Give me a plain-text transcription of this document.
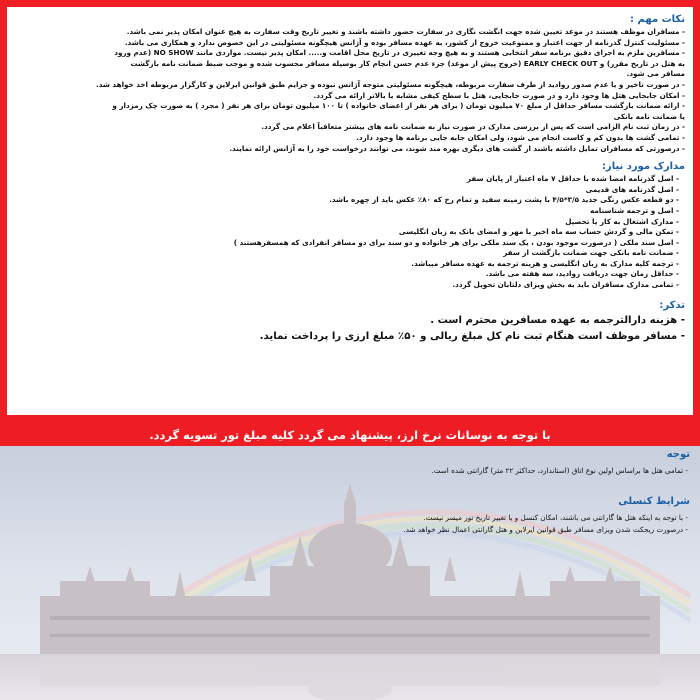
نکات مهم :
- مسافران موظف هستند در موعد تعیین شده جهت انگشت نگاری در سفارت حضور داشته باشند و تغییر تاریخ وقت سفارت به هیچ عنوان امکان پذیر نمی باشد.
- مسئولیت کنترل گذرنامه از جهت اعتبار و ممنوعیت خروج از کشور، به عهده مسافر بوده و آژانس هیچگونه مسئولیتی در این خصوص ندارد و همکاری می باشد.
- مسافرین ملزم به اجرای دقیق برنامه سفر انتخابی هستند و به هیچ وجه تغییری در تاریخ محل اقامت و..... امکان پذیر نیست. مواردی مانند NO SHOW (عدم ورود
به هتل در تاریخ مقرر) و EARLY CHECK OUT (خروج پیش از موعد) جزء عدم حسن انجام کار بوسیله مسافر محسوب شده و موجب ضبط ضمانت نامه بازگشت
مسافر می شود.
- در صورت تاخیر و یا عدم صدور روادید از طرف سفارت مربوطه، هیچگونه مسئولیتی متوجه آژانس نبوده و جرایم طبق قوانین ایرلاین و کارگزار مربوطه اخذ خواهد شد.
- امکان جابجایی هتل ها وجود دارد و در صورت جابجایی، هتل با سطح کیفی مشابه یا بالاتر ارائه می گردد.
- ارائه ضمانت بازگشت مسافر حداقل از مبلغ ۷۰ میلیون تومان ( برای هر نفر از اعضای خانواده ) تا ۱۰۰ میلیون تومان برای هر نفر ( مجرد ) به صورت چک رمزدار و
یا ضمانت نامه بانکی
- در زمان ثبت نام الزامی است که پس از بررسی مدارک در صورت نیاز به ضمانت نامه های بیشتر متعاقباً اعلام می گردد.
- تمامی گشت ها بدون کم و کاست انجام می شود، ولی امکان جابه جایی برنامه ها وجود دارد.
- درصورتی که مسافران تمایل داشته باشند از گشت های دیگری بهره مند شوند، می توانند درخواست خود را به آژانس ارائه نمایند.
مدارک مورد نیاز:
- اصل گذرنامه امضا شده با حداقل ۷ ماه اعتبار از پایان سفر
- اصل گذرنامه های قدیمی
- دو قطعه عکس رنگی جدید ۳/۵*۴/۵ با پشت زمینه سفید و تمام رخ که ۸۰٪ عکس باید از چهره باشد.
- اصل و ترجمه شناسنامه
- مدارک اشتغال به کار یا تحصیل
- تمکن مالی و گردش حساب سه ماه اخیر با مهر و امضای بانک به زبان انگلیسی
- اصل سند ملکی ( درصورت موجود بودن ، یک سند ملکی برای هر خانواده و دو سند برای دو مسافر انفرادی که همسفرهستند )
- ضمانت نامه بانکی جهت ضمانت بازگشت از سفر
- ترجمه کلیه مدارک به زبان انگلیسی و هزینه ترجمه به عهده مسافر میباشد.
- حداقل زمان جهت دریافت روادید، سه هفته می باشد.
- تمامی مدارک مسافران باید به بخش ویزای دلتابان تحویل گردد.
تذکر:
- هزینه دارالترجمه به عهده مسافرین محترم است .
- مسافر موظف است هنگام ثبت نام کل مبلغ ریالی و ۵۰٪ مبلغ ارزی را پرداخت نماید.
با توجه به نوسانات نرخ ارز، پیشنهاد می گردد کلیه مبلغ تور تسویه گردد.
توجه
- تمامی هتل ها براساس اولین نوع اتاق (استاندارد، حداکثر ۲۲ متر) گارانتی شده است.
شرایط کنسلی
- با توجه به اینکه هتل ها گارانتی می باشند، امکان کنسل و یا تغییر تاریخ تور میسر نیست.
- درصورت ریجکت شدن ویزای مسافر طبق قوانین ایرلاین و هتل گارانتی اعمال نظر خواهد شد.
